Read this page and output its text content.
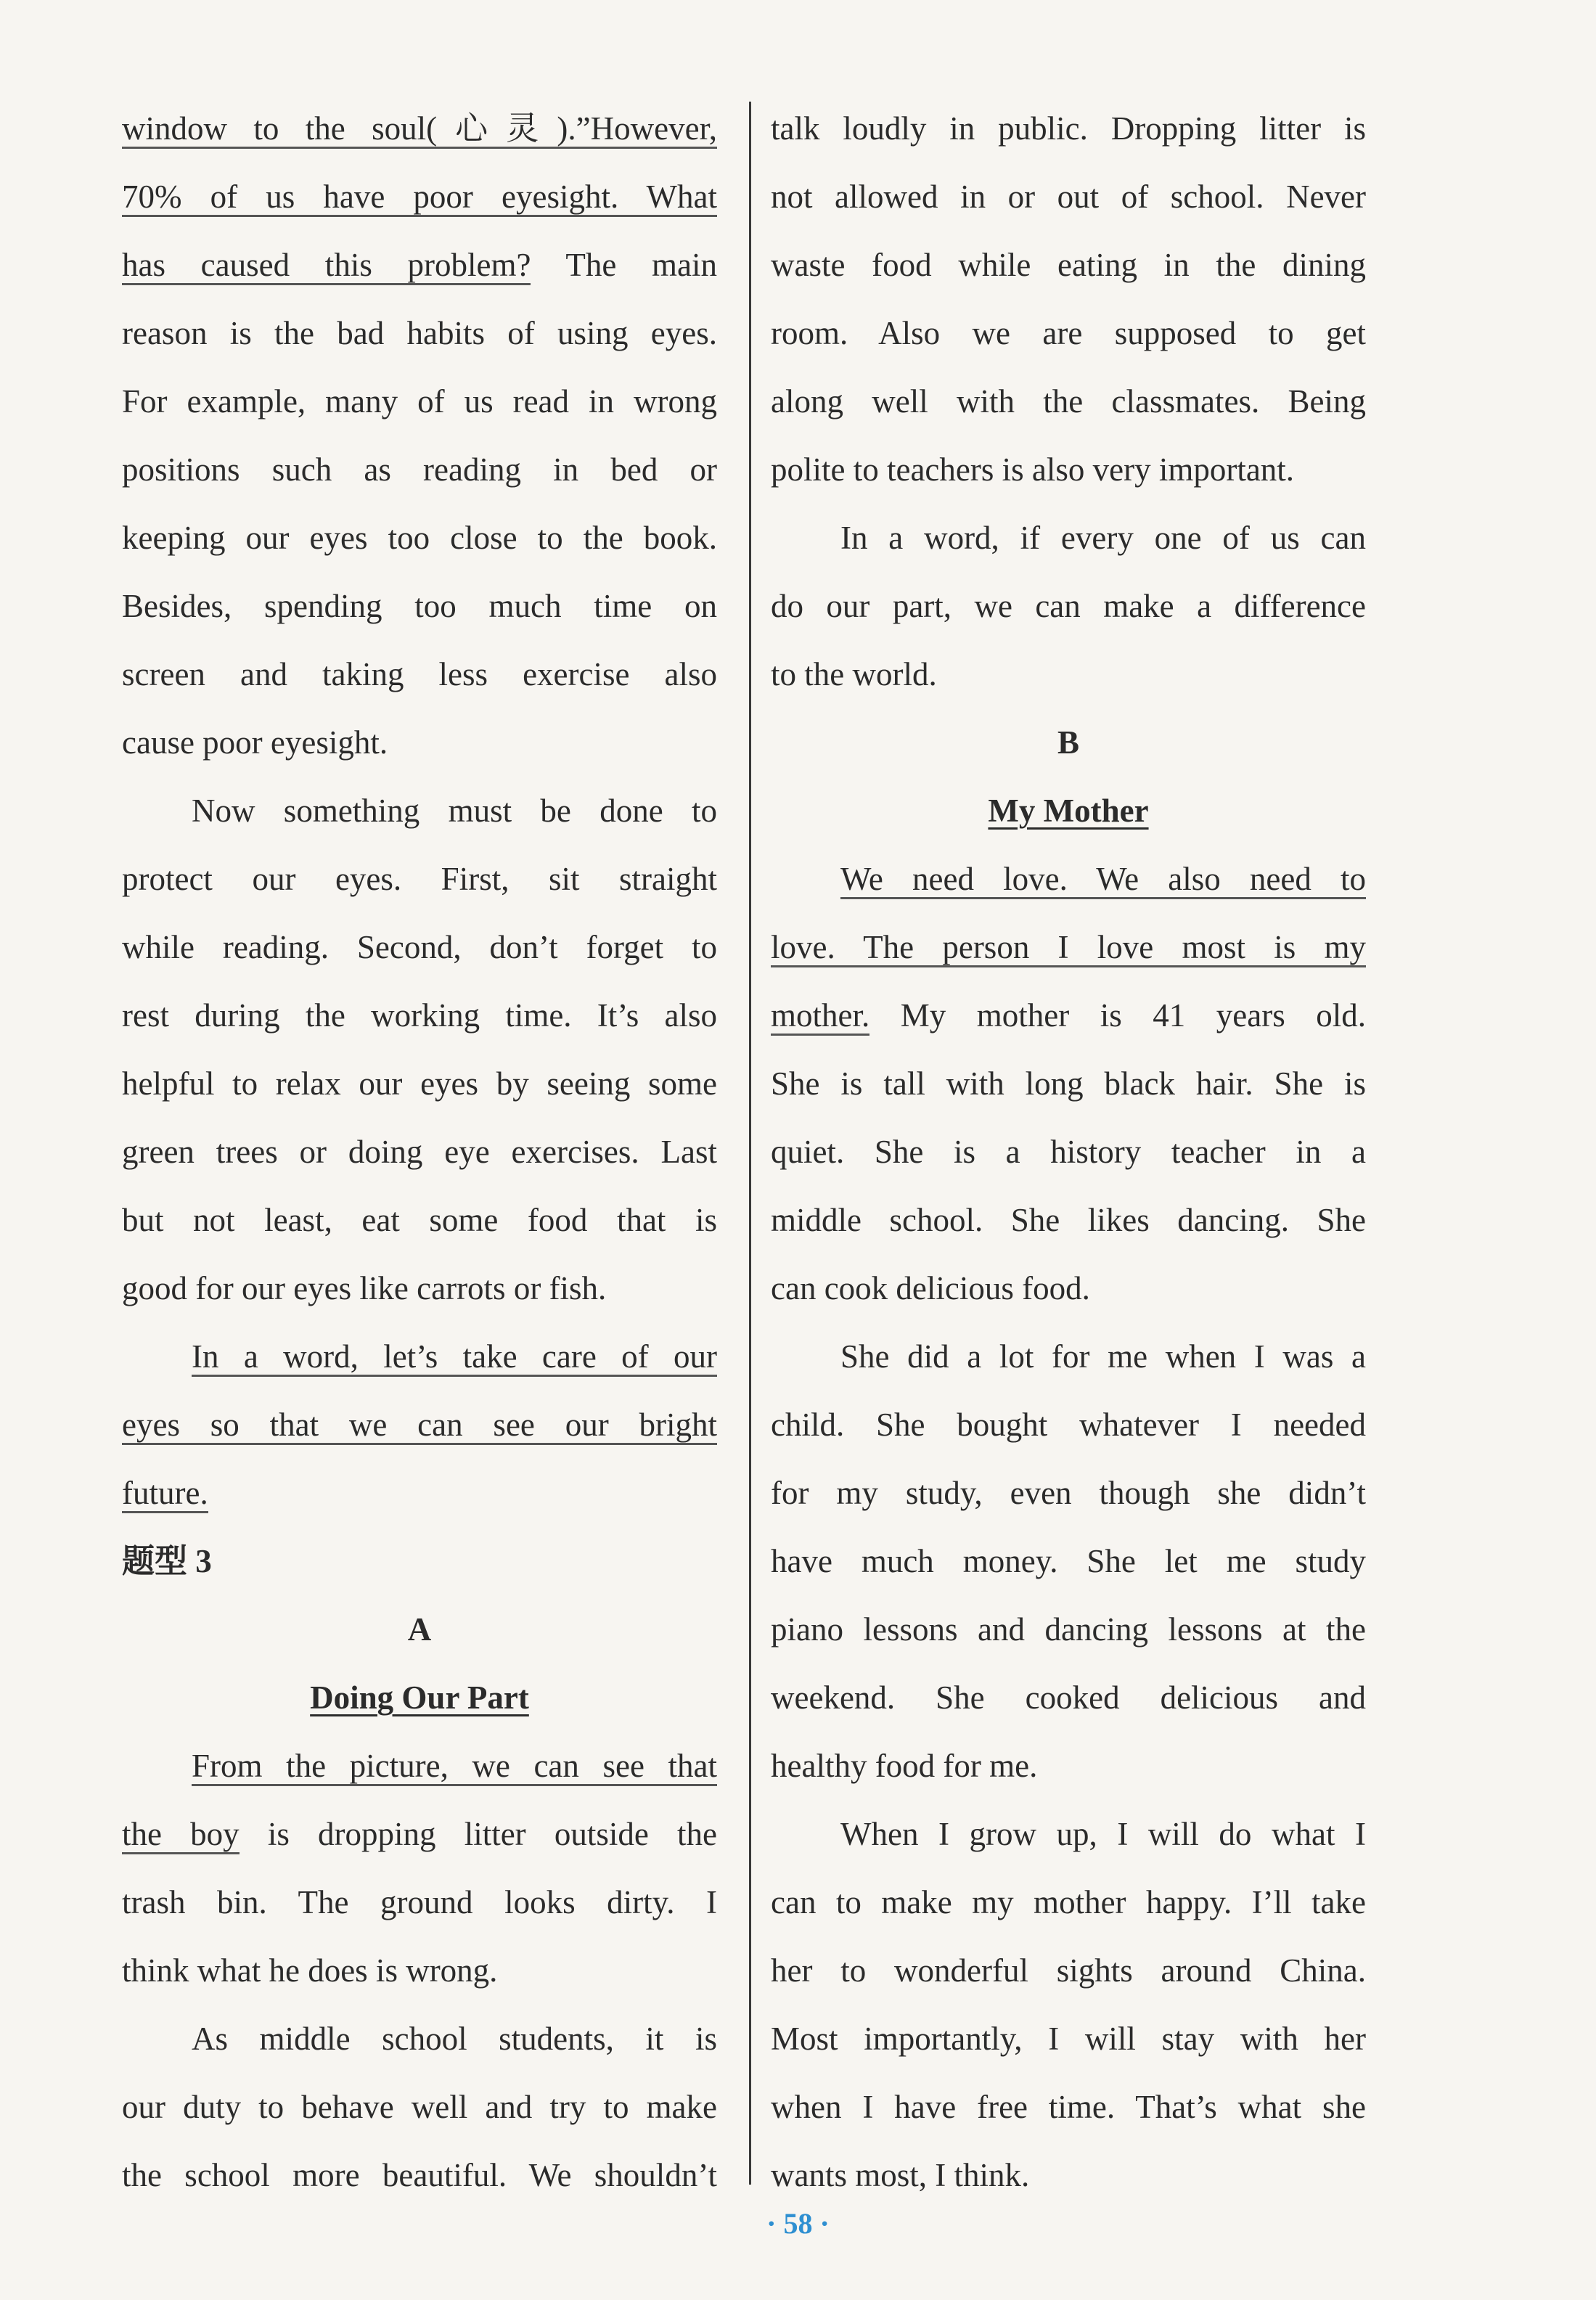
window to the soul(心灵).”However,
70% of us have poor eyesight. What
has caused this problem? The main
reason is the bad habits of using eyes.
For example, many of us read in wrong
positions such as reading in bed or
keeping our eyes too close to the book.
Besides, spending too much time on
screen and taking less exercise also
cause poor eyesight.
Now something must be done to
protect our eyes. First, sit straight
while reading. Second, don’t forget to
rest during the working time. It’s also
helpful to relax our eyes by seeing some
green trees or doing eye exercises. Last
but not least, eat some food that is
good for our eyes like carrots or fish.
In a word, let’s take care of our
eyes so that we can see our bright
future.
题型 3
A
Doing Our Part
From the picture, we can see that
the boy is dropping litter outside the
trash bin. The ground looks dirty. I
think what he does is wrong.
As middle school students, it is
our duty to behave well and try to make
the school more beautiful. We shouldn’t
talk loudly in public. Dropping litter is
not allowed in or out of school. Never
waste food while eating in the dining
room. Also we are supposed to get
along well with the classmates. Being
polite to teachers is also very important.
In a word, if every one of us can
do our part, we can make a difference
to the world.
B
My Mother
We need love. We also need to
love. The person I love most is my
mother. My mother is 41 years old.
She is tall with long black hair. She is
quiet. She is a history teacher in a
middle school. She likes dancing. She
can cook delicious food.
She did a lot for me when I was a
child. She bought whatever I needed
for my study, even though she didn’t
have much money. She let me study
piano lessons and dancing lessons at the
weekend. She cooked delicious and
healthy food for me.
When I grow up, I will do what I
can to make my mother happy. I’ll take
her to wonderful sights around China.
Most importantly, I will stay with her
when I have free time. That’s what she
wants most, I think.
· 58 ·
